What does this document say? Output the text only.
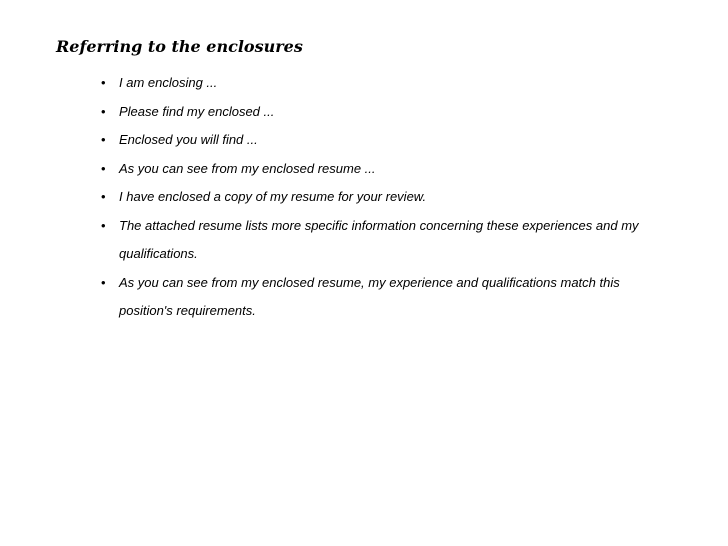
Referring to the enclosures
•	I am enclosing ...
•	Please find my enclosed ...
•	Enclosed you will find ...
•	As you can see from my enclosed resume ...
•	I have enclosed a copy of my resume for your review.
•	The attached resume lists more specific information concerning these experiences and my qualifications.
•	As you can see from my enclosed resume, my experience and qualifications match this position's requirements.
